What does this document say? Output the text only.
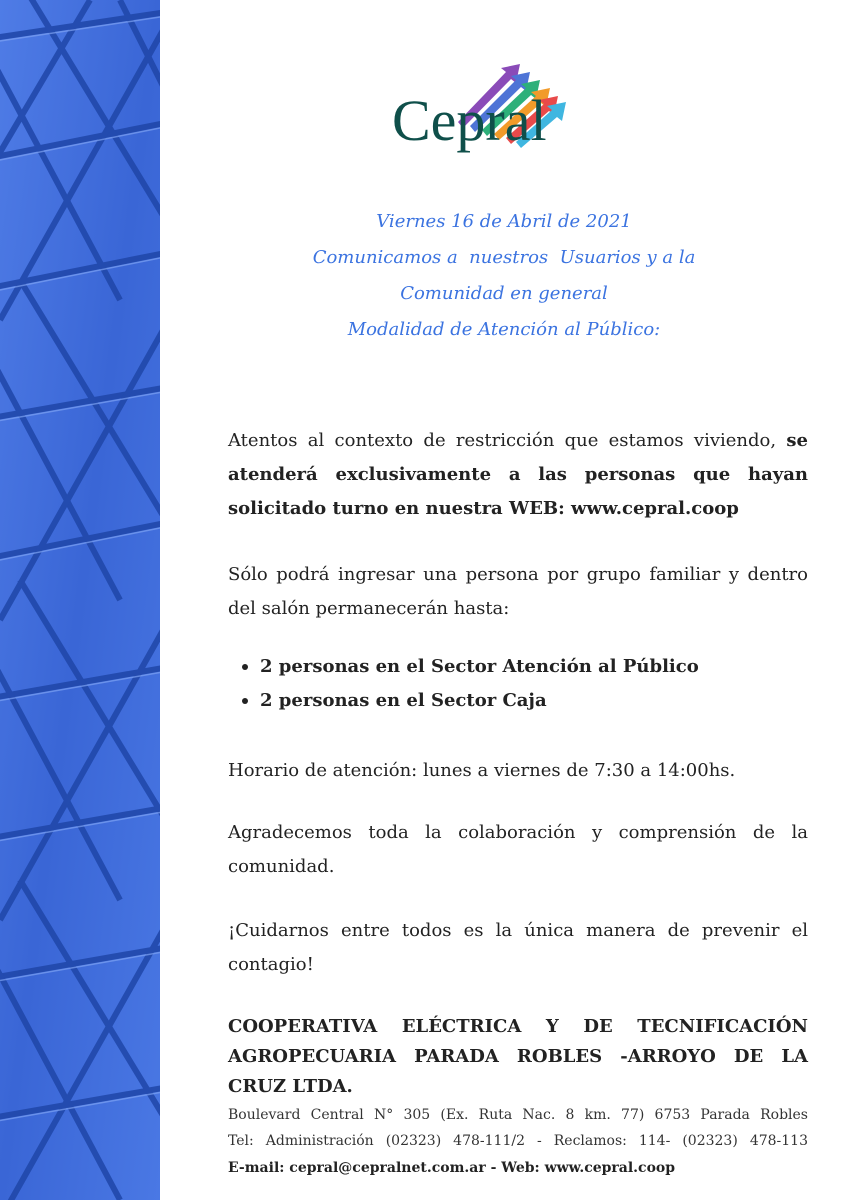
Cepral
Viernes 16 de Abril de 2021
Comunicamos a  nuestros  Usuarios y a la
Comunidad en general
Modalidad de Atención al Público:
Atentos al contexto de restricción que estamos viviendo, se atenderá exclusivamente a las personas que hayan solicitado turno en nuestra WEB: www.cepral.coop
Sólo podrá ingresar una persona por grupo familiar y dentro del salón permanecerán hasta:
2 personas en el Sector Atención al Público
2 personas en el Sector Caja
Horario de atención: lunes a viernes de 7:30 a 14:00hs.
Agradecemos toda la colaboración y comprensión de la comunidad.
¡Cuidarnos entre todos es la única manera de prevenir el contagio!
COOPERATIVA ELÉCTRICA Y DE TECNIFICACIÓN AGROPECUARIA PARADA ROBLES -ARROYO DE LA CRUZ LTDA.
Boulevard Central N° 305 (Ex. Ruta Nac. 8 km. 77) 6753 Parada Robles
Tel: Administración (02323) 478-111/2 - Reclamos: 114- (02323) 478-113
E-mail: cepral@cepralnet.com.ar - Web: www.cepral.coop
